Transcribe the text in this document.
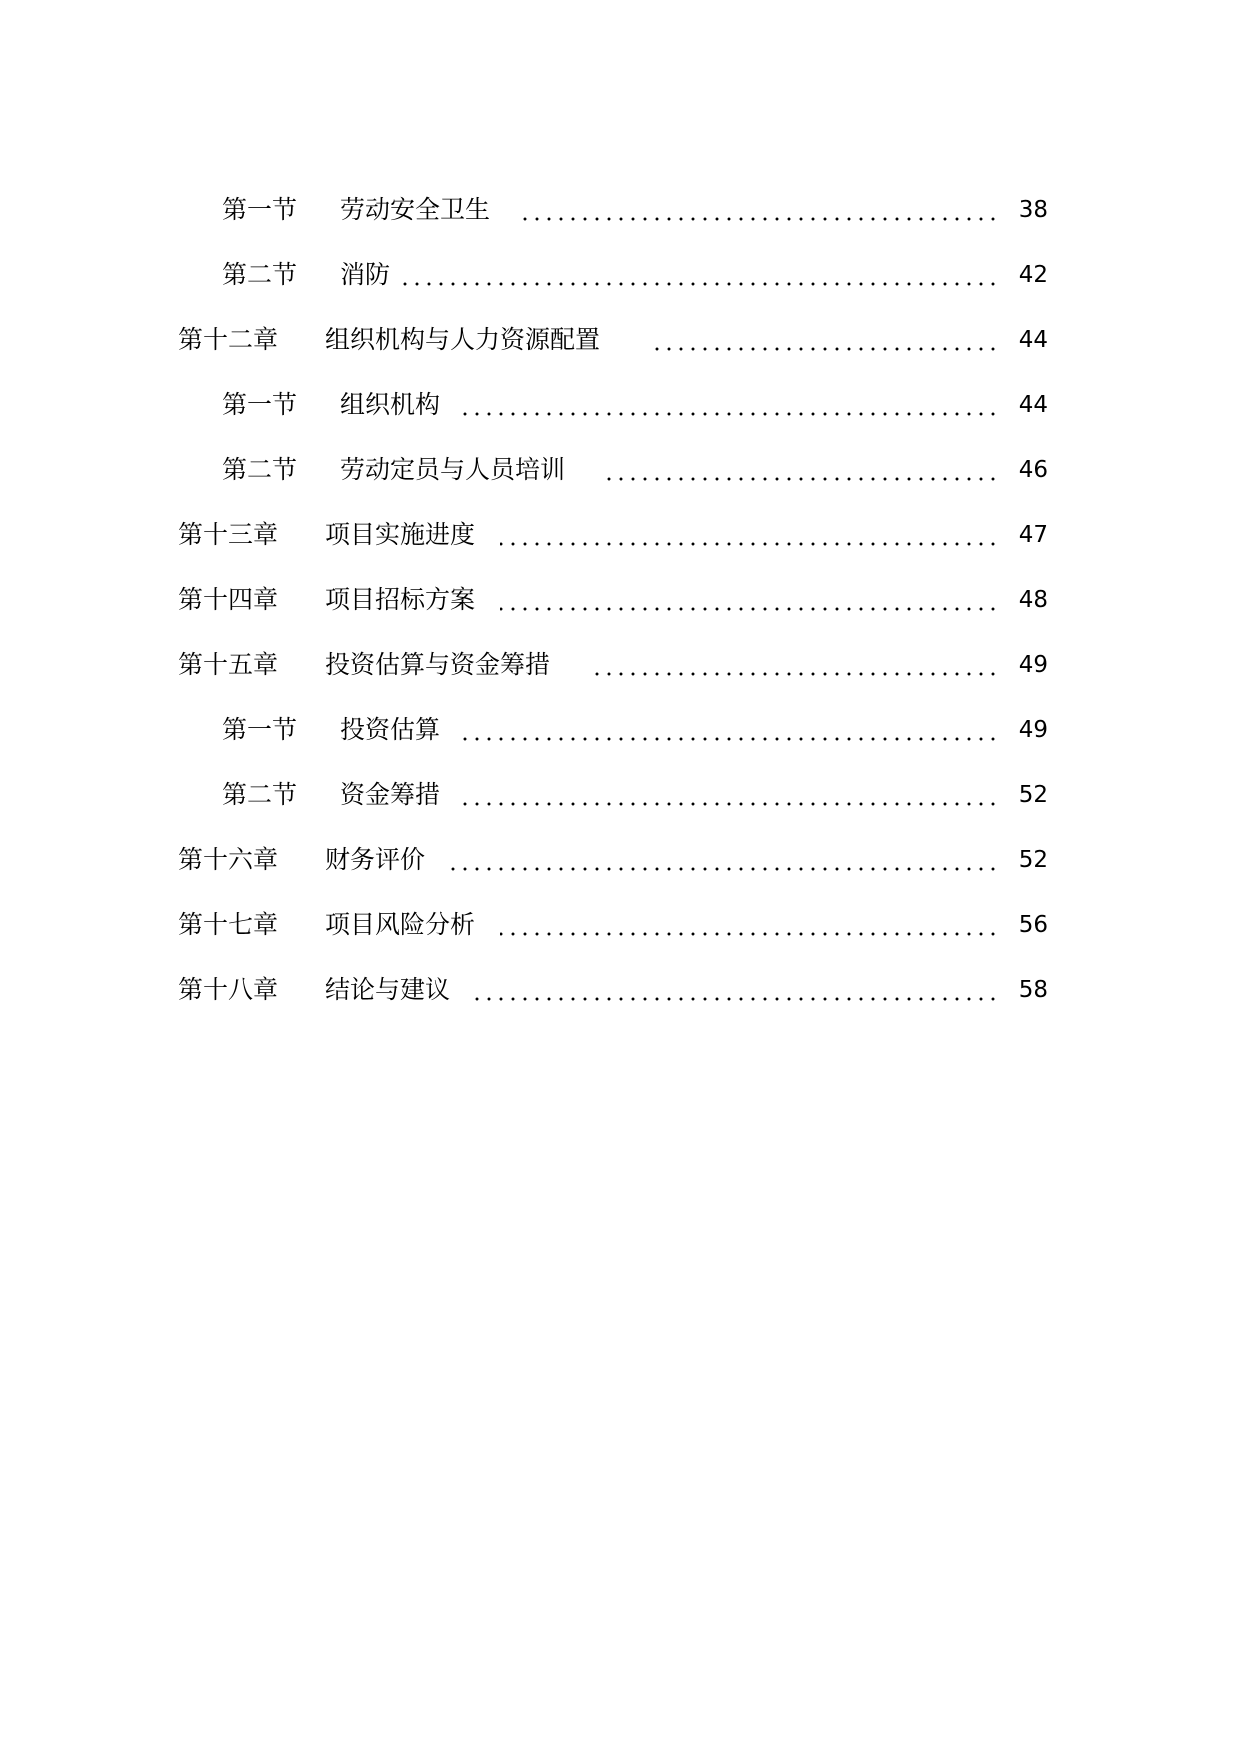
第一节 劳动安全卫生	38
第二节 消防	42
第十二章 组织机构与人力资源配置	44
第一节 组织机构	44
第二节 劳动定员与人员培训	46
第十三章 项目实施进度	47
第十四章 项目招标方案	48
第十五章 投资估算与资金筹措	49
第一节 投资估算	49
第二节 资金筹措	52
第十六章 财务评价	52
第十七章 项目风险分析	56
第十八章 结论与建议	58
